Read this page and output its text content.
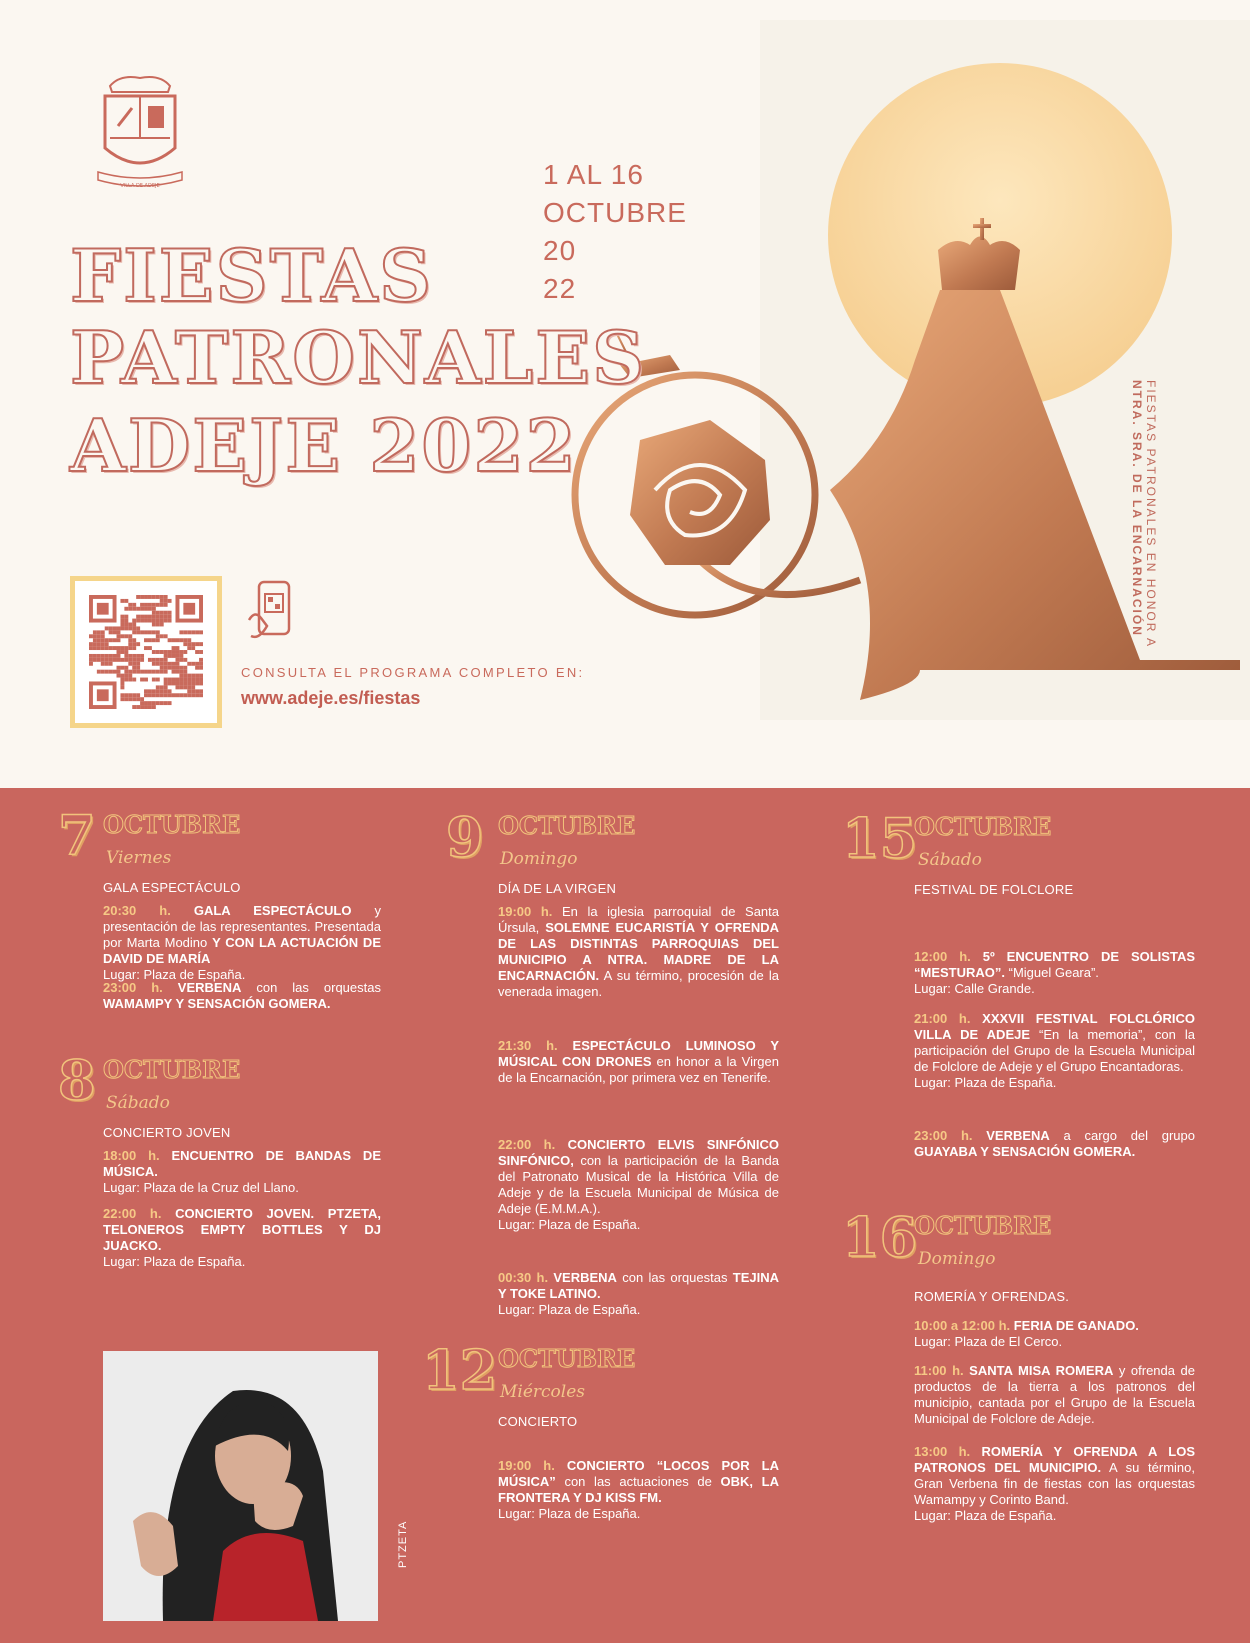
FIESTAS PATRONALES EN HONOR A
NTRA. SRA. DE LA ENCARNACIÓN
VILLA DE ADEJE	1 AL 16
OCTUBRE
20
22
FIESTAS
PATRONALES
ADEJE 2022
CONSULTA EL PROGRAMA COMPLETO EN:
www.adeje.es/fiestas
7 OCTUBRE
Viernes
GALA ESPECTÁCULO
20:30 h. GALA ESPECTÁCULO y presentación de las representantes. Presentada por Marta Modino Y CON LA ACTUACIÓN DE DAVID DE MARÍA
Lugar: Plaza de España.
23:00 h. VERBENA con las orquestas WAMAMPY Y SENSACIÓN GOMERA.
8 OCTUBRE
Sábado
CONCIERTO JOVEN
18:00 h. ENCUENTRO DE BANDAS DE MÚSICA.
Lugar: Plaza de la Cruz del Llano.
22:00 h. CONCIERTO JOVEN. PTZETA, TELONEROS EMPTY BOTTLES Y DJ JUACKO.
Lugar: Plaza de España.
9 OCTUBRE
Domingo
DÍA DE LA VIRGEN
19:00 h. En la iglesia parroquial de Santa Úrsula, SOLEMNE EUCARISTÍA Y OFRENDA DE LAS DISTINTAS PARROQUIAS DEL MUNICIPIO A NTRA. MADRE DE LA ENCARNACIÓN. A su término, procesión de la venerada imagen.
21:30 h. ESPECTÁCULO LUMINOSO Y MÚSICAL CON DRONES en honor a la Virgen de la Encarnación, por primera vez en Tenerife.
22:00 h. CONCIERTO ELVIS SINFÓNICO SINFÓNICO, con la participación de la Banda del Patronato Musical de la Histórica Villa de Adeje y de la Escuela Municipal de Música de Adeje (E.M.M.A.).
Lugar: Plaza de España.
00:30 h. VERBENA con las orquestas TEJINA Y TOKE LATINO.
Lugar: Plaza de España.
12 OCTUBRE
Miércoles
CONCIERTO
19:00 h. CONCIERTO “LOCOS POR LA MÚSICA” con las actuaciones de OBK, LA FRONTERA Y DJ KISS FM.
Lugar: Plaza de España.
15
OCTUBRE
Sábado
FESTIVAL DE FOLCLORE
12:00 h. 5º ENCUENTRO DE SOLISTAS “MESTURAO”. “Miguel Geara”.
Lugar: Calle Grande.
21:00 h. XXXVII FESTIVAL FOLCLÓRICO VILLA DE ADEJE “En la memoria”, con la participación del Grupo de la Escuela Municipal de Folclore de Adeje y el Grupo Encantadoras.
Lugar: Plaza de España.
23:00 h. VERBENA a cargo del grupo GUAYABA Y SENSACIÓN GOMERA.
16
OCTUBRE
Domingo
ROMERÍA Y OFRENDAS.
10:00 a 12:00 h. FERIA DE GANADO.
Lugar: Plaza de El Cerco.
11:00 h. SANTA MISA ROMERA y ofrenda de productos de la tierra a los patronos del municipio, cantada por el Grupo de la Escuela Municipal de Folclore de Adeje.
13:00 h. ROMERÍA Y OFRENDA A LOS PATRONOS DEL MUNICIPIO. A su término, Gran Verbena fin de fiestas con las orquestas Wamampy y Corinto Band.
Lugar: Plaza de España.
PTZETA
